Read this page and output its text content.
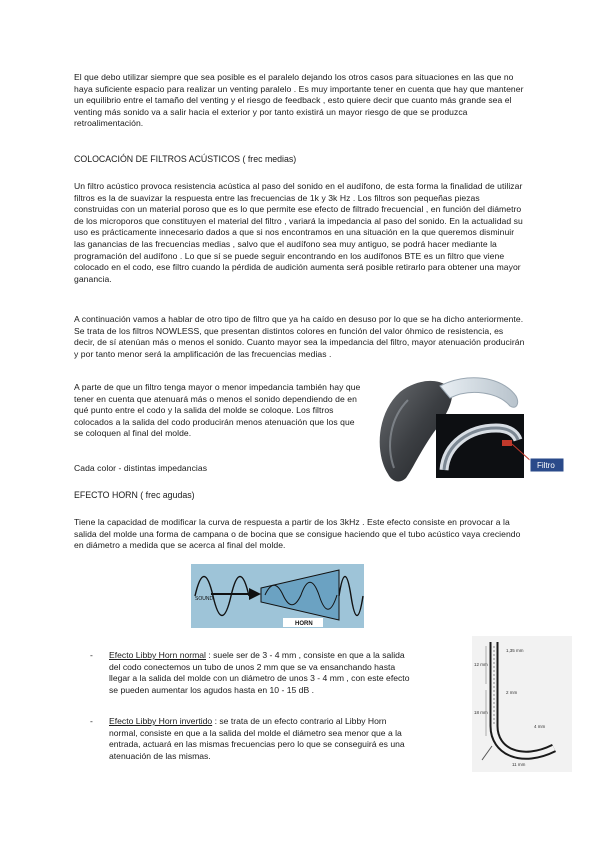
El que debo utilizar siempre que sea posible es el paralelo dejando los otros casos para situaciones en las que no haya suficiente espacio para realizar un venting paralelo . Es muy importante tener en cuenta que hay que mantener un equilibrio entre el tamaño del venting y el riesgo de feedback , esto quiere decir que cuanto más grande sea el venting más sonido va a salir hacia el exterior y por tanto existirá un mayor riesgo de que se produzca retroalimentación.

COLOCACIÓN DE FILTROS ACÚSTICOS ( frec medias)

Un filtro acústico provoca resistencia acústica al paso del sonido en el audífono, de esta forma la finalidad de utilizar filtros es la de suavizar la respuesta entre las frecuencias de 1k y 3k Hz . Los filtros son pequeñas piezas construidas con un material poroso que es lo que permite ese efecto de filtrado frecuencial , en función del diámetro de los microporos que constituyen el material del filtro , variará la impedancia al paso del sonido. En la actualidad su uso es prácticamente innecesario dados a que si nos encontramos en una situación en la que queremos disminuir las ganancias de las frecuencias medias , salvo que el audífono sea muy antiguo, se podrá hacer mediante la programación del audífono . Lo que sí se puede seguir encontrando en los audífonos BTE es un filtro que viene colocado en el codo, ese filtro cuando la pérdida de audición aumenta será posible retirarlo para obtener una mayor ganancia.

A continuación vamos a hablar de otro tipo de filtro que ya ha caído en desuso por lo que se ha dicho anteriormente. Se trata de los filtros NOWLESS, que presentan distintos colores en función del valor óhmico de resistencia, es decir, de sí atenúan más o menos el sonido. Cuanto mayor sea la impedancia del filtro, mayor atenuación producirán y por tanto menor será la amplificación de las frecuencias medias .

A parte de que un filtro tenga mayor o menor impedancia también hay que tener en cuenta que atenuará más o menos el sonido dependiendo de en qué punto entre el codo y la salida del molde se coloque. Los filtros colocados a la salida del codo producirán menos atenuación que los que se coloquen al final del molde.

Cada color - distintas impedancias	Filtro

EFECTO HORN ( frec agudas)

Tiene la capacidad de modificar la curva de respuesta a partir de los 3kHz . Este efecto consiste en provocar a la salida del molde una forma de campana o de bocina que se consigue haciendo que el tubo acústico vaya creciendo en diámetro a medida que se acerca al final del molde.

SOUND
HORN
- Efecto Libby Horn normal : suele ser de 3 - 4 mm , consiste en que a la salida
del codo conectemos un tubo de unos 2 mm que se va ensanchando hasta
llegar a la salida del molde con un diámetro de unos 3 - 4 mm , con este efecto
se pueden aumentar los agudos hasta en 10 - 15 dB .
- Efecto Libby Horn invertido : se trata de un efecto contrario al Libby Horn
normal, consiste en que a la salida del molde el diámetro sea menor que a la
entrada, actuará en las mismas frecuencias pero lo que se conseguirá es una
atenuación de las mismas.
1,35 mm
12 mm
2 mm
18 mm
4 mm
11 mm
